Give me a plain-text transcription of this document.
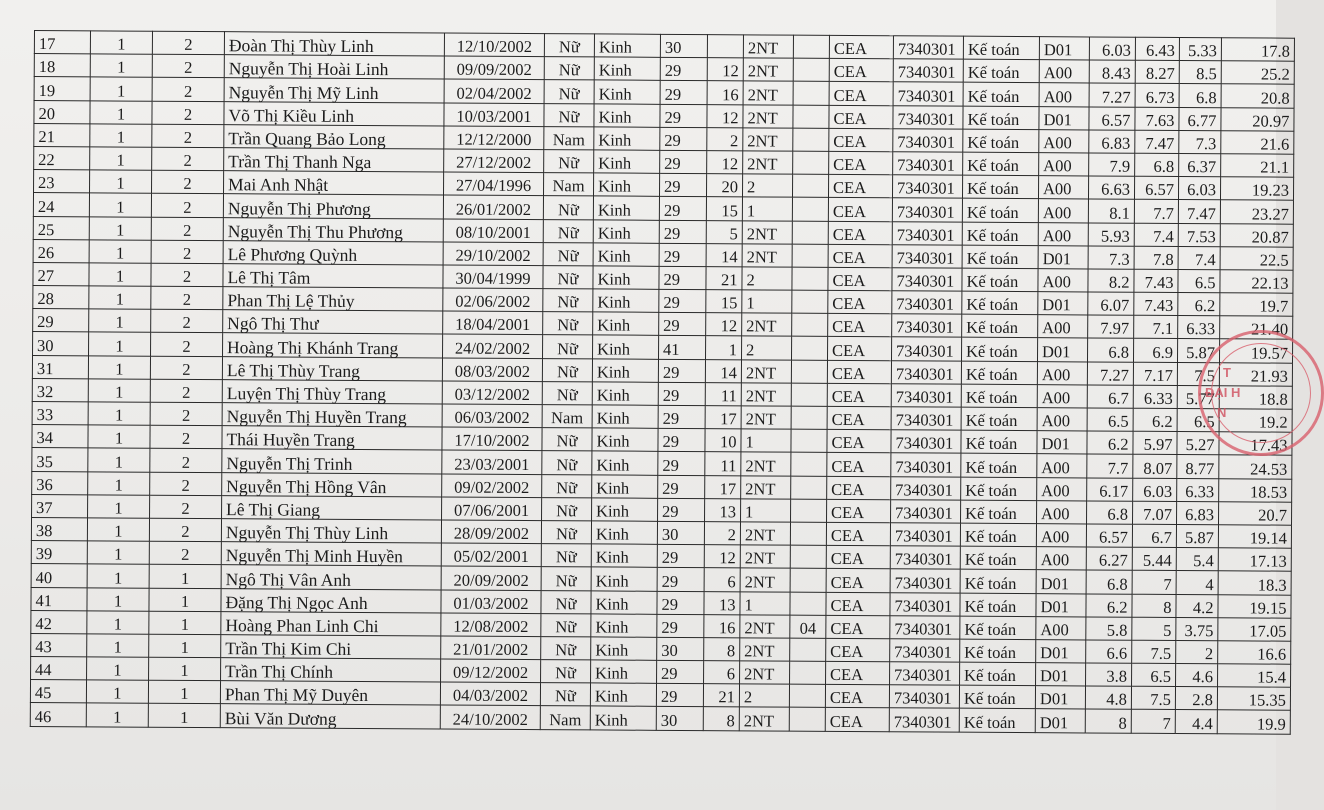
17	1	2	Đoàn Thị Thùy Linh	12/10/2002	Nữ	Kinh	30		2NT		CEA	7340301	Kế toán	D01	6.03	6.43	5.33	17.8
18	1	2	Nguyễn Thị Hoài Linh	09/09/2002	Nữ	Kinh	29	12	2NT		CEA	7340301	Kế toán	A00	8.43	8.27	8.5	25.2
19	1	2	Nguyễn Thị Mỹ Linh	02/04/2002	Nữ	Kinh	29	16	2NT		CEA	7340301	Kế toán	A00	7.27	6.73	6.8	20.8
20	1	2	Võ Thị Kiều Linh	10/03/2001	Nữ	Kinh	29	12	2NT		CEA	7340301	Kế toán	D01	6.57	7.63	6.77	20.97
21	1	2	Trần Quang Bảo Long	12/12/2000	Nam	Kinh	29	2	2NT		CEA	7340301	Kế toán	A00	6.83	7.47	7.3	21.6
22	1	2	Trần Thị Thanh Nga	27/12/2002	Nữ	Kinh	29	12	2NT		CEA	7340301	Kế toán	A00	7.9	6.8	6.37	21.1
23	1	2	Mai Anh Nhật	27/04/1996	Nam	Kinh	29	20	2		CEA	7340301	Kế toán	A00	6.63	6.57	6.03	19.23
24	1	2	Nguyễn Thị Phương	26/01/2002	Nữ	Kinh	29	15	1		CEA	7340301	Kế toán	A00	8.1	7.7	7.47	23.27
25	1	2	Nguyễn Thị Thu Phương	08/10/2001	Nữ	Kinh	29	5	2NT		CEA	7340301	Kế toán	A00	5.93	7.4	7.53	20.87
26	1	2	Lê Phương Quỳnh	29/10/2002	Nữ	Kinh	29	14	2NT		CEA	7340301	Kế toán	D01	7.3	7.8	7.4	22.5
27	1	2	Lê Thị Tâm	30/04/1999	Nữ	Kinh	29	21	2		CEA	7340301	Kế toán	A00	8.2	7.43	6.5	22.13
28	1	2	Phan Thị Lệ Thủy	02/06/2002	Nữ	Kinh	29	15	1		CEA	7340301	Kế toán	D01	6.07	7.43	6.2	19.7
29	1	2	Ngô Thị Thư	18/04/2001	Nữ	Kinh	29	12	2NT		CEA	7340301	Kế toán	A00	7.97	7.1	6.33	21.40
30	1	2	Hoàng Thị Khánh Trang	24/02/2002	Nữ	Kinh	41	1	2		CEA	7340301	Kế toán	D01	6.8	6.9	5.87	19.57
31	1	2	Lê Thị Thùy Trang	08/03/2002	Nữ	Kinh	29	14	2NT		CEA	7340301	Kế toán	A00	7.27	7.17	7.5	21.93
32	1	2	Luyện Thị Thùy Trang	03/12/2002	Nữ	Kinh	29	11	2NT		CEA	7340301	Kế toán	A00	6.7	6.33	5.77	18.8
33	1	2	Nguyễn Thị Huyền Trang	06/03/2002	Nam	Kinh	29	17	2NT		CEA	7340301	Kế toán	A00	6.5	6.2	6.5	19.2
34	1	2	Thái Huyền Trang	17/10/2002	Nữ	Kinh	29	10	1		CEA	7340301	Kế toán	D01	6.2	5.97	5.27	17.43
35	1	2	Nguyễn Thị Trinh	23/03/2001	Nữ	Kinh	29	11	2NT		CEA	7340301	Kế toán	A00	7.7	8.07	8.77	24.53
36	1	2	Nguyễn Thị Hồng Vân	09/02/2002	Nữ	Kinh	29	17	2NT		CEA	7340301	Kế toán	A00	6.17	6.03	6.33	18.53
37	1	2	Lê Thị Giang	07/06/2001	Nữ	Kinh	29	13	1		CEA	7340301	Kế toán	A00	6.8	7.07	6.83	20.7
38	1	2	Nguyễn Thị Thùy Linh	28/09/2002	Nữ	Kinh	30	2	2NT		CEA	7340301	Kế toán	A00	6.57	6.7	5.87	19.14
39	1	2	Nguyễn Thị Minh Huyền	05/02/2001	Nữ	Kinh	29	12	2NT		CEA	7340301	Kế toán	A00	6.27	5.44	5.4	17.13
40	1	1	Ngô Thị Vân Anh	20/09/2002	Nữ	Kinh	29	6	2NT		CEA	7340301	Kế toán	D01	6.8	7	4	18.3
41	1	1	Đặng Thị Ngọc Anh	01/03/2002	Nữ	Kinh	29	13	1		CEA	7340301	Kế toán	D01	6.2	8	4.2	19.15
42	1	1	Hoàng Phan Linh Chi	12/08/2002	Nữ	Kinh	29	16	2NT	04	CEA	7340301	Kế toán	A00	5.8	5	3.75	17.05
43	1	1	Trần Thị Kim Chi	21/01/2002	Nữ	Kinh	30	8	2NT		CEA	7340301	Kế toán	D01	6.6	7.5	2	16.6
44	1	1	Trần Thị Chính	09/12/2002	Nữ	Kinh	29	6	2NT		CEA	7340301	Kế toán	D01	3.8	6.5	4.6	15.4
45	1	1	Phan Thị Mỹ Duyên	04/03/2002	Nữ	Kinh	29	21	2		CEA	7340301	Kế toán	D01	4.8	7.5	2.8	15.35
46	1	1	Bùi Văn Dương	24/10/2002	Nam	Kinh	30	8	2NT		CEA	7340301	Kế toán	D01	8	7	4.4	19.9
T
ĐẠI H
N
